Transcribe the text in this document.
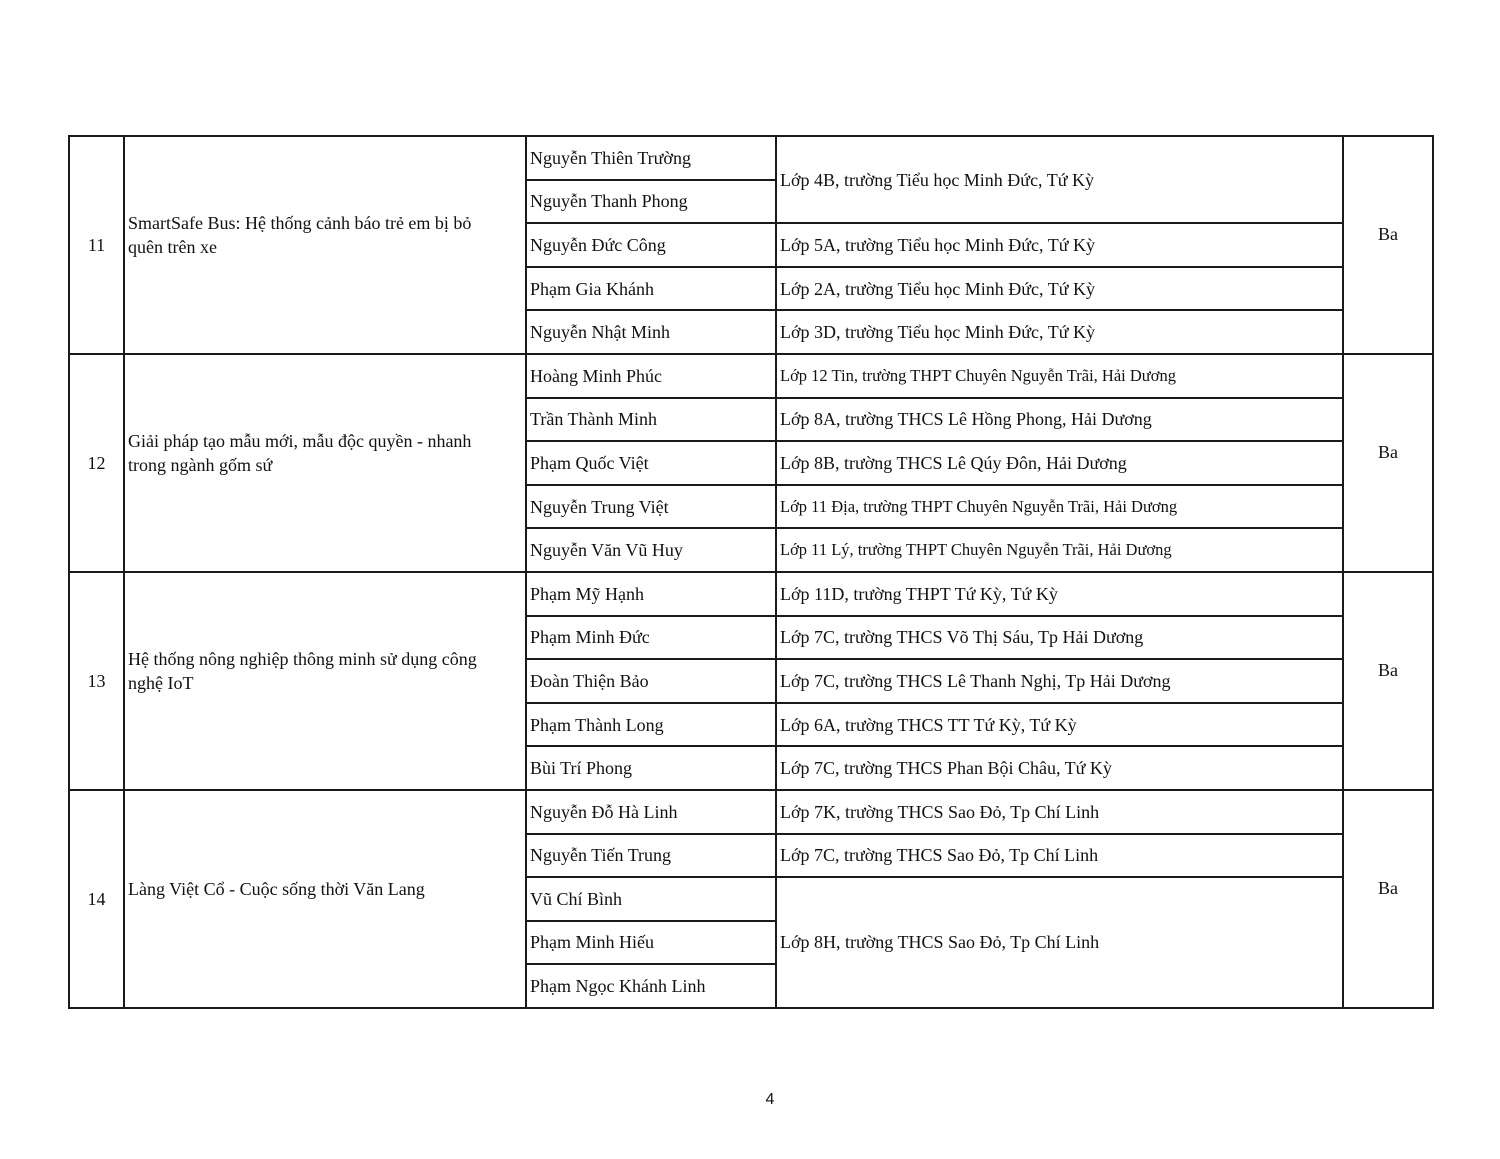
11	SmartSafe Bus: Hệ thống cảnh báo trẻ em bị bỏ quên trên xe	Nguyễn Thiên Trường	Lớp 4B, trường Tiểu học Minh Đức, Tứ Kỳ	Ba
		Nguyễn Thanh Phong		
		Nguyễn Đức Công	Lớp 5A, trường Tiểu học Minh Đức, Tứ Kỳ	
		Phạm Gia Khánh	Lớp 2A, trường Tiểu học Minh Đức, Tứ Kỳ	
		Nguyễn Nhật Minh	Lớp 3D, trường Tiểu học Minh Đức, Tứ Kỳ	
12	Giải pháp tạo mẫu mới, mẫu độc quyền - nhanh trong ngành gốm sứ	Hoàng Minh Phúc	Lớp 12 Tin, trường THPT Chuyên Nguyễn Trãi, Hải Dương	Ba
		Trần Thành Minh	Lớp 8A, trường THCS Lê Hồng Phong, Hải Dương	
		Phạm Quốc Việt	Lớp 8B, trường THCS Lê Qúy Đôn, Hải Dương	
		Nguyễn Trung Việt	Lớp 11 Địa, trường THPT Chuyên Nguyễn Trãi, Hải Dương	
		Nguyễn Văn Vũ Huy	Lớp 11 Lý, trường THPT Chuyên Nguyễn Trãi, Hải Dương	
13	Hệ thống nông nghiệp thông minh sử dụng công nghệ IoT	Phạm Mỹ Hạnh	Lớp 11D, trường THPT Tứ Kỳ, Tứ Kỳ	Ba
		Phạm Minh Đức	Lớp 7C, trường THCS Võ Thị Sáu, Tp Hải Dương	
		Đoàn Thiện Bảo	Lớp 7C, trường THCS Lê Thanh Nghị, Tp Hải Dương	
		Phạm Thành Long	Lớp 6A, trường THCS TT Tứ Kỳ, Tứ Kỳ	
		Bùi Trí Phong	Lớp 7C, trường THCS Phan Bội Châu, Tứ Kỳ	
14	Làng Việt Cổ - Cuộc sống thời Văn Lang	Nguyễn Đỗ Hà Linh	Lớp 7K, trường THCS Sao Đỏ, Tp Chí Linh	Ba
		Nguyễn Tiến Trung	Lớp 7C, trường THCS Sao Đỏ, Tp Chí Linh	
		Vũ Chí Bình	Lớp 8H, trường THCS Sao Đỏ, Tp Chí Linh	
		Phạm Minh Hiếu		
		Phạm Ngọc Khánh Linh		
4
